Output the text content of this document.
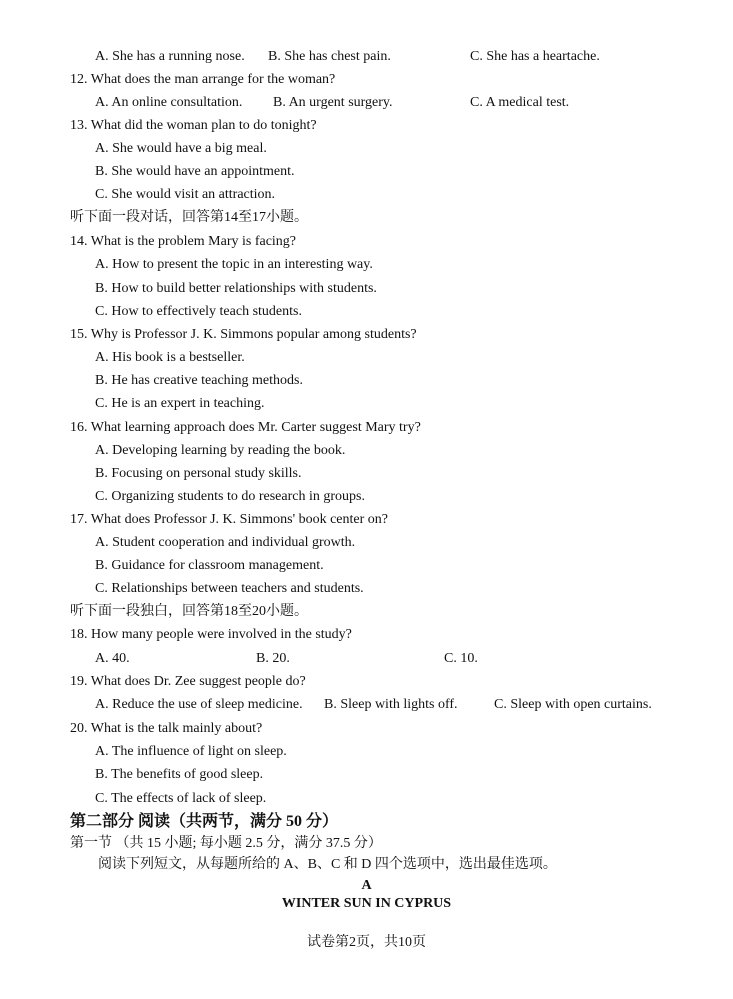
A. She has a running nose. B. She has chest pain.	C. She has a heartache.
12. What does the man arrange for the woman?
A. An online consultation. B. An urgent surgery.	C. A medical test.
13. What did the woman plan to do tonight?
A. She would have a big meal.
B. She would have an appointment.
C. She would visit an attraction.
听下面一段对话，回答第14至17小题。
14. What is the problem Mary is facing?
A. How to present the topic in an interesting way.
B. How to build better relationships with students.
C. How to effectively teach students.
15. Why is Professor J. K. Simmons popular among students?
A. His book is a bestseller.
B. He has creative teaching methods.
C. He is an expert in teaching.
16. What learning approach does Mr. Carter suggest Mary try?
A. Developing learning by reading the book.
B. Focusing on personal study skills.
C. Organizing students to do research in groups.
17. What does Professor J. K. Simmons' book center on?
A. Student cooperation and individual growth.
B. Guidance for classroom management.
C. Relationships between teachers and students.
听下面一段独白，回答第18至20小题。
18. How many people were involved in the study?
A. 40.	B. 20.	C. 10.
19. What does Dr. Zee suggest people do?
A. Reduce the use of sleep medicine. B. Sleep with lights off.	C. Sleep with open curtains.
20. What is the talk mainly about?
A. The influence of light on sleep.
B. The benefits of good sleep.
C. The effects of lack of sleep.
第二部分 阅读（共两节，满分 50 分）
第一节 （共 15 小题; 每小题 2.5 分，满分 37.5 分）
阅读下列短文，从每题所给的 A、B、C 和 D 四个选项中，选出最佳选项。
A
WINTER SUN IN CYPRUS
试卷第2页，共10页
